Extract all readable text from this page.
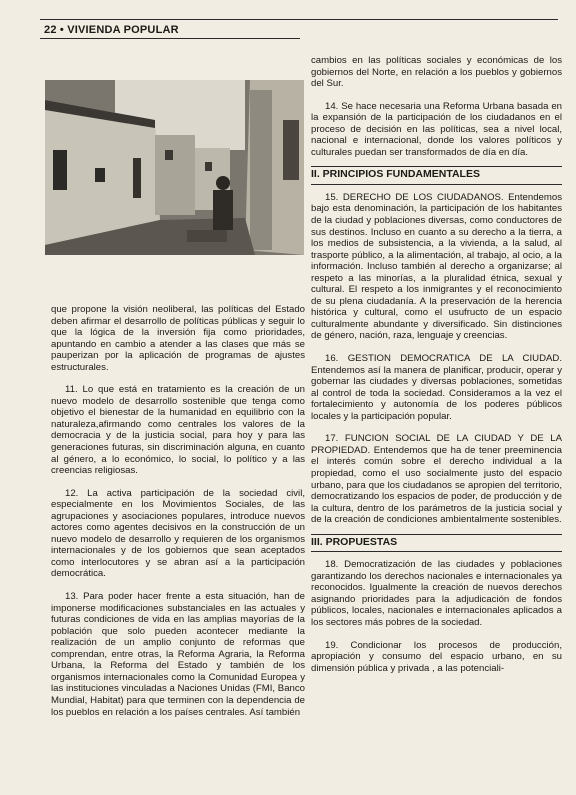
22 • VIVIENDA POPULAR

que propone la visión neoliberal, las políticas del Estado deben afirmar el desarrollo de políticas públicas y seguir lo que la lógica de la inversión fija como prioridades, apuntando en cambio a atender a las clases que más se pauperizan por la aplicación de programas de ajustes estructurales.

11. Lo que está en tratamiento es la creación de un nuevo modelo de desarrollo sostenible que tenga como objetivo el bienestar de la humanidad en equilibrio con la naturaleza,afirmando como centrales los valores de la democracia y de la justicia social, para hoy y para las generaciones futuras, sin discriminación alguna, en cuanto al género, a lo económico, lo social, lo político y a las creencias religiosas.

12. La activa participación de la sociedad civil, especialmente en los Movimientos Sociales, de las agrupaciones y asociaciones populares, introduce nuevos actores como agentes decisivos en la construcción de un nuevo modelo de desarrollo y requieren de los organismos internacionales y de los gobiernos que sean aceptados como interlocutores y se abran así a la participación democrática.

13. Para poder hacer frente a esta situación, han de imponerse modificaciones substanciales en las actuales y futuras condiciones de vida en las amplias mayorías de la población que solo pueden acontecer mediante la realización de un amplio conjunto de reformas que comprendan, entre otras, la Reforma Agraria, la Reforma Urbana, la Reforma del Estado y también de los organismos internacionales como la Comunidad Europea y las instituciones vinculadas a Naciones Unidas (FMI, Banco Mundial, Habitat) para que terminen con la dependencia de los pueblos en relación a los países centrales. Así también

cambios en las políticas sociales y económicas de los gobiernos del Norte, en relación a los pueblos y gobiernos del Sur.

14. Se hace necesaria una Reforma Urbana basada en la expansión de la participación de los ciudadanos en el proceso de decisión en las políticas, sea a nivel local, nacional e internacional, donde los valores políticos y culturales puedan ser transformados de día en día.

II. PRINCIPIOS FUNDAMENTALES

15. DERECHO DE LOS CIUDADANOS. Entendemos bajo esta denominación, la participación de los habitantes de la ciudad y poblaciones diversas, como conductores de sus destinos. Incluso en cuanto a su derecho a la tierra, a los medios de subsistencia, a la vivienda, a la salud, al trasporte público, a la alimentación, al trabajo, al ocio, a la información. Incluso también al derecho a organizarse; al respeto a las minorías, a la pluralidad étnica, sexual y cultural. El respeto a los inmigrantes y el reconocimiento de su plena ciudadanía. A la preservación de la herencia histórica y cultural, como el usufructo de un espacio culturalmente abundante y diversificado. Sin distinciones de género, nación, raza, lenguaje y creencias.

16. GESTION DEMOCRATICA DE LA CIUDAD. Entendemos así la manera de planificar, producir, operar y gobernar las ciudades y diversas poblaciones, sometidas al control de toda la sociedad. Consideramos a la vez el fortalecimiento y autonomía de los poderes públicos locales y la participación popular.

17. FUNCION SOCIAL DE LA CIUDAD Y DE LA PROPIEDAD. Entendemos que ha de tener preeminencia el interés común sobre el derecho individual a la propiedad, como el uso socialmente justo del espacio urbano, para que los ciudadanos se apropien del territorio, democratizando los espacios de poder, de producción y de la cultura, dentro de los parámetros de la justicia social y de la creación de condiciones ambientalmente sostenibles.

III. PROPUESTAS

18. Democratización de las ciudades y poblaciones garantizando los derechos nacionales e internacionales ya reconocidos. Igualmente la creación de nuevos derechos asignando prioridades para la adjudicación de fondos públicos, locales, nacionales e internacionales aplicados a los sectores más pobres de la sociedad.

19. Condicionar los procesos de producción, apropiación y consumo del espacio urbano, en su dimensión pública y privada , a las potenciali-
